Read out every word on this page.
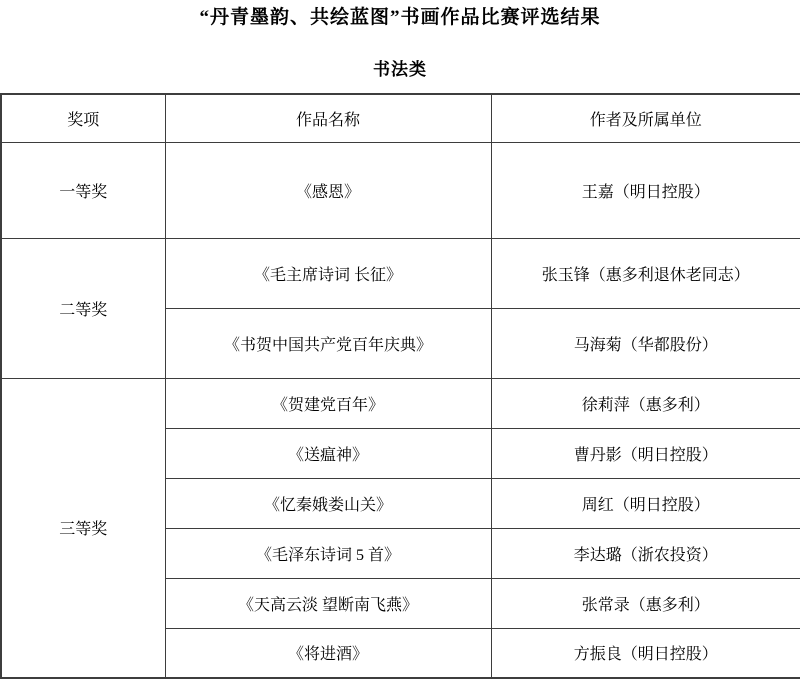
“丹青墨韵、共绘蓝图”书画作品比赛评选结果
书法类
奖项	作品名称	作者及所属单位
一等奖	《感恩》	王嘉（明日控股）
二等奖	《毛主席诗词 长征》	张玉锋（惠多利退休老同志）
	《书贺中国共产党百年庆典》	马海菊（华都股份）
三等奖	《贺建党百年》	徐莉萍（惠多利）
	《送瘟神》	曹丹影（明日控股）
	《忆秦娥娄山关》	周红（明日控股）
	《毛泽东诗词 5 首》	李达璐（浙农投资）
	《天高云淡 望断南飞燕》	张常录（惠多利）
	《将进酒》	方振良（明日控股）
